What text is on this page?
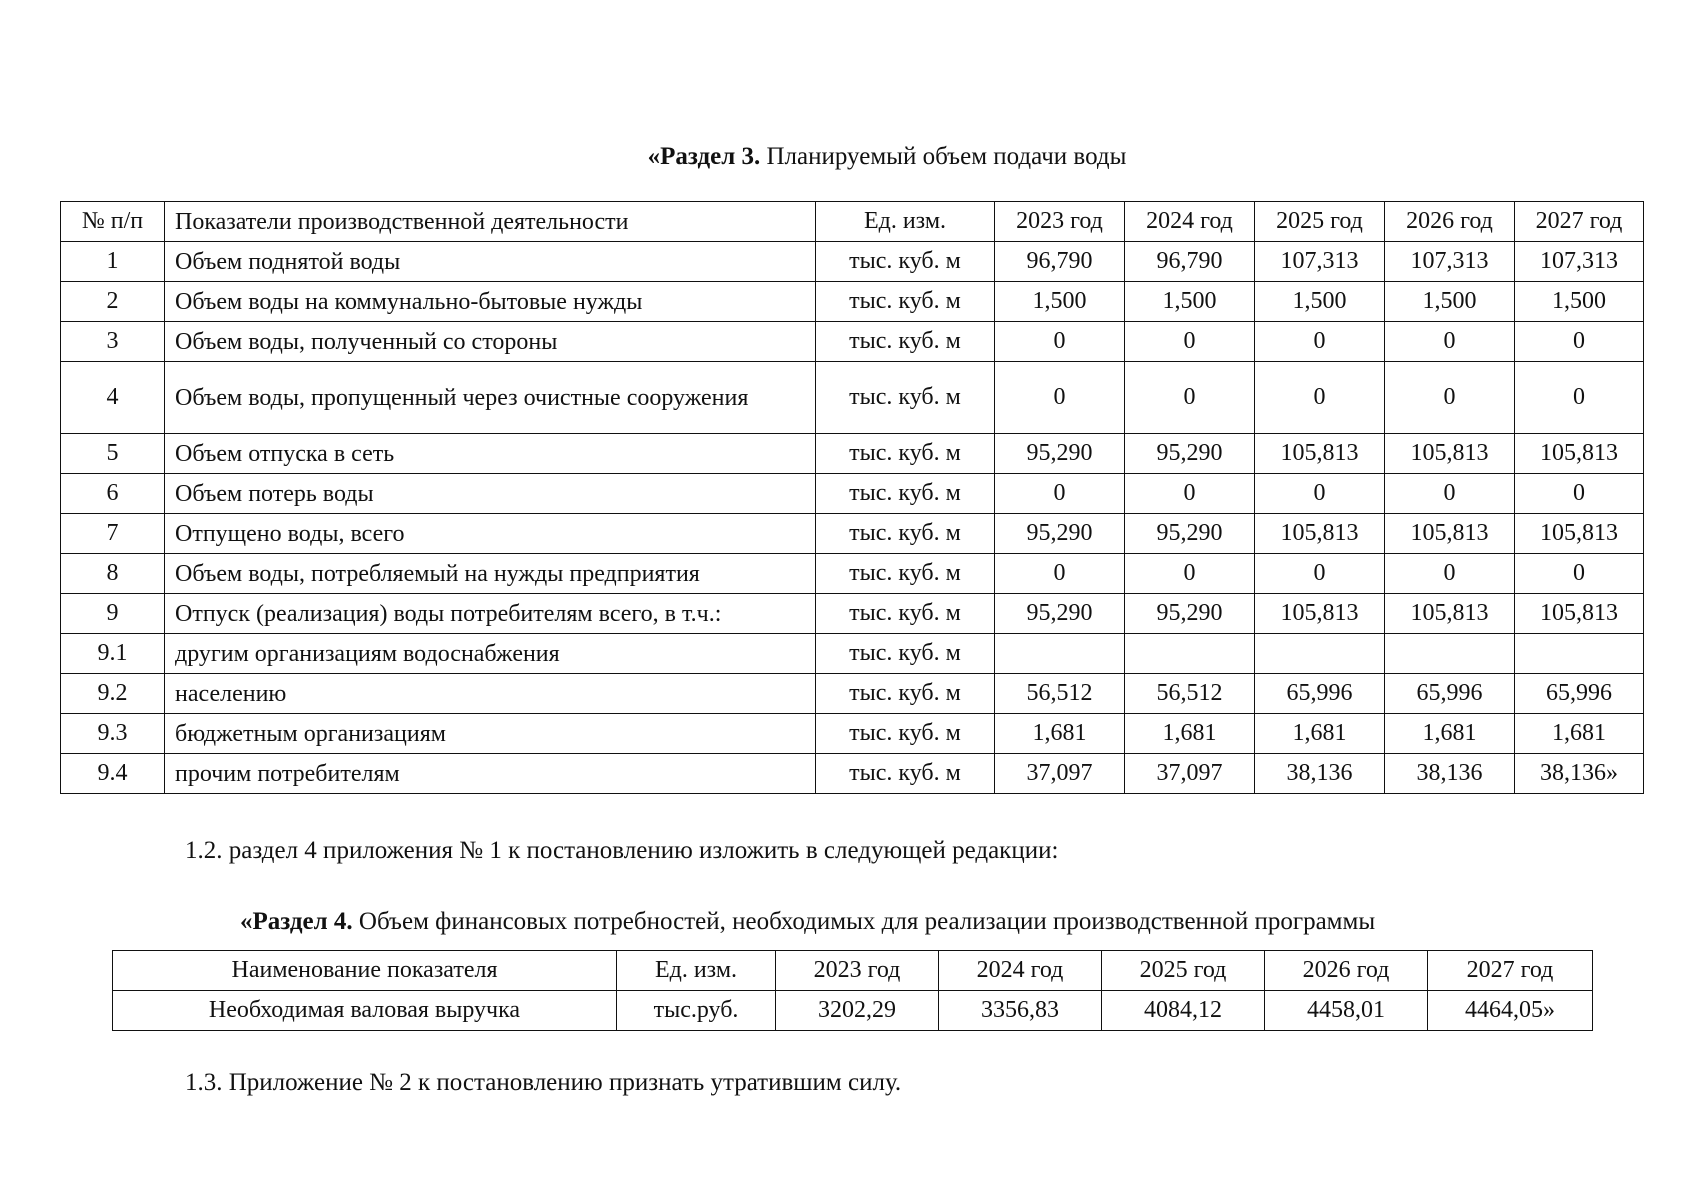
«Раздел 3. Планируемый объем подачи воды
№ п/п	Показатели производственной деятельности	Ед. изм.	2023 год	2024 год	2025 год	2026 год	2027 год
1	Объем поднятой воды	тыс. куб. м	96,790	96,790	107,313	107,313	107,313
2	Объем воды на коммунально-бытовые нужды	тыс. куб. м	1,500	1,500	1,500	1,500	1,500
3	Объем воды, полученный со стороны	тыс. куб. м	0	0	0	0	0
4	Объем воды, пропущенный через очистные сооружения	тыс. куб. м	0	0	0	0	0
5	Объем отпуска в сеть	тыс. куб. м	95,290	95,290	105,813	105,813	105,813
6	Объем потерь воды	тыс. куб. м	0	0	0	0	0
7	Отпущено воды, всего	тыс. куб. м	95,290	95,290	105,813	105,813	105,813
8	Объем воды, потребляемый на нужды предприятия	тыс. куб. м	0	0	0	0	0
9	Отпуск (реализация) воды потребителям всего, в т.ч.:	тыс. куб. м	95,290	95,290	105,813	105,813	105,813
9.1	другим организациям водоснабжения	тыс. куб. м					
9.2	населению	тыс. куб. м	56,512	56,512	65,996	65,996	65,996
9.3	бюджетным организациям	тыс. куб. м	1,681	1,681	1,681	1,681	1,681
9.4	прочим потребителям	тыс. куб. м	37,097	37,097	38,136	38,136	38,136»
1.2. раздел 4 приложения № 1 к постановлению изложить в следующей редакции:
«Раздел 4. Объем финансовых потребностей, необходимых для реализации производственной программы
Наименование показателя	Ед. изм.	2023 год	2024 год	2025 год	2026 год	2027 год
Необходимая валовая выручка	тыс.руб.	3202,29	3356,83	4084,12	4458,01	4464,05»
1.3. Приложение № 2 к постановлению признать утратившим силу.
